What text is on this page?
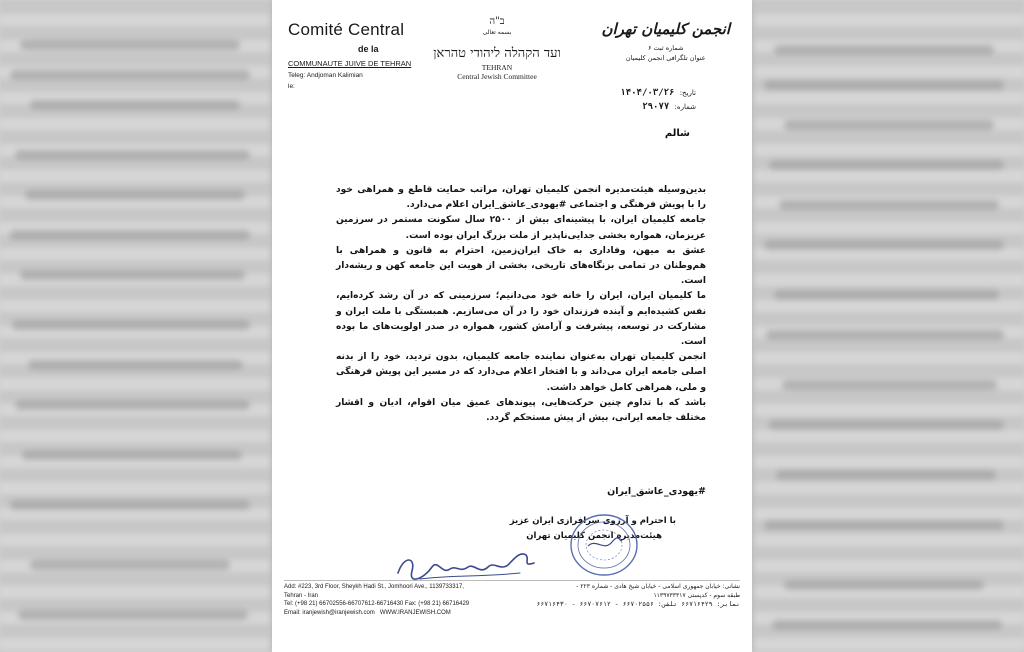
Comité Central
de la
COMMUNAUTE JUIVE DE TEHRAN
Teleg: Andjoman Kalimian
le:
ב"ה
بسمه تعالی
ועד הקהלה ליהודי טהראן
TEHRAN
Central Jewish Committee
انجمن کلیمیان تهران
شماره ثبت ۶
عنوان تلگرافی انجمن کلیمیان
تاریخ: ۱۴۰۴/۰۳/۲۶
شماره: ۲۹۰۷۷
شالم

بدین‌وسیله هیئت‌مدیره انجمن کلیمیان تهران، مراتب حمایت قاطع و همراهی خود را با پویش فرهنگی و اجتماعی #یهودی_عاشق_ایران اعلام می‌دارد.

جامعه کلیمیان ایران، با پیشینه‌ای بیش از ۲۵۰۰ سال سکونت مستمر در سرزمین عزیزمان، همواره بخشی جدایی‌ناپذیر از ملت بزرگ ایران بوده است.

عشق به میهن، وفاداری به خاک ایران‌زمین، احترام به قانون و همراهی با هم‌وطنان در تمامی بزنگاه‌های تاریخی، بخشی از هویت این جامعه کهن و ریشه‌دار است.

ما کلیمیان ایران، ایران را خانه خود می‌دانیم؛ سرزمینی که در آن رشد کرده‌ایم، نفس کشیده‌ایم و آینده فرزندان خود را در آن می‌سازیم. همبستگی با ملت ایران و مشارکت در توسعه، پیشرفت و آرامش کشور، همواره در صدر اولویت‌های ما بوده است.

انجمن کلیمیان تهران به‌عنوان نماینده جامعه کلیمیان، بدون تردید، خود را از بدنه اصلی جامعه ایران می‌داند و با افتخار اعلام می‌دارد که در مسیر این پویش فرهنگی و ملی، همراهی کامل خواهد داشت.

باشد که با تداوم چنین حرکت‌هایی، پیوندهای عمیق میان اقوام، ادیان و اقشار مختلف جامعه ایرانی، بیش از پیش مستحکم گردد.

#یهودی_عاشق_ایران
با احترام و آرزوی سرافرازی ایران عزیز
هیئت‌مدیره انجمن کلیمیان تهران
Add: #223, 3rd Floor, Sheykh Hadi St., Jomhoori Ave., 1139733317,
Tehran - Iran
Tel: (+98 21) 66702556-66707612-66716430 Fax: (+98 21) 66716429
Email: iranjewish@iranjewish.com WWW.IRANJEWISH.COM
نشانی: خیابان جمهوری اسلامی - خیابان شیخ هادی - شماره ۲۲۳ -
طبقه سوم - کدپستی ۱۱۳۹۷۳۳۳۱۷
نمابر: ۶۶۷۱۶۴۲۹ تلفن: ۶۶۷۰۲۵۵۶ - ۶۶۷۰۷۶۱۲ - ۶۶۷۱۶۴۳۰
